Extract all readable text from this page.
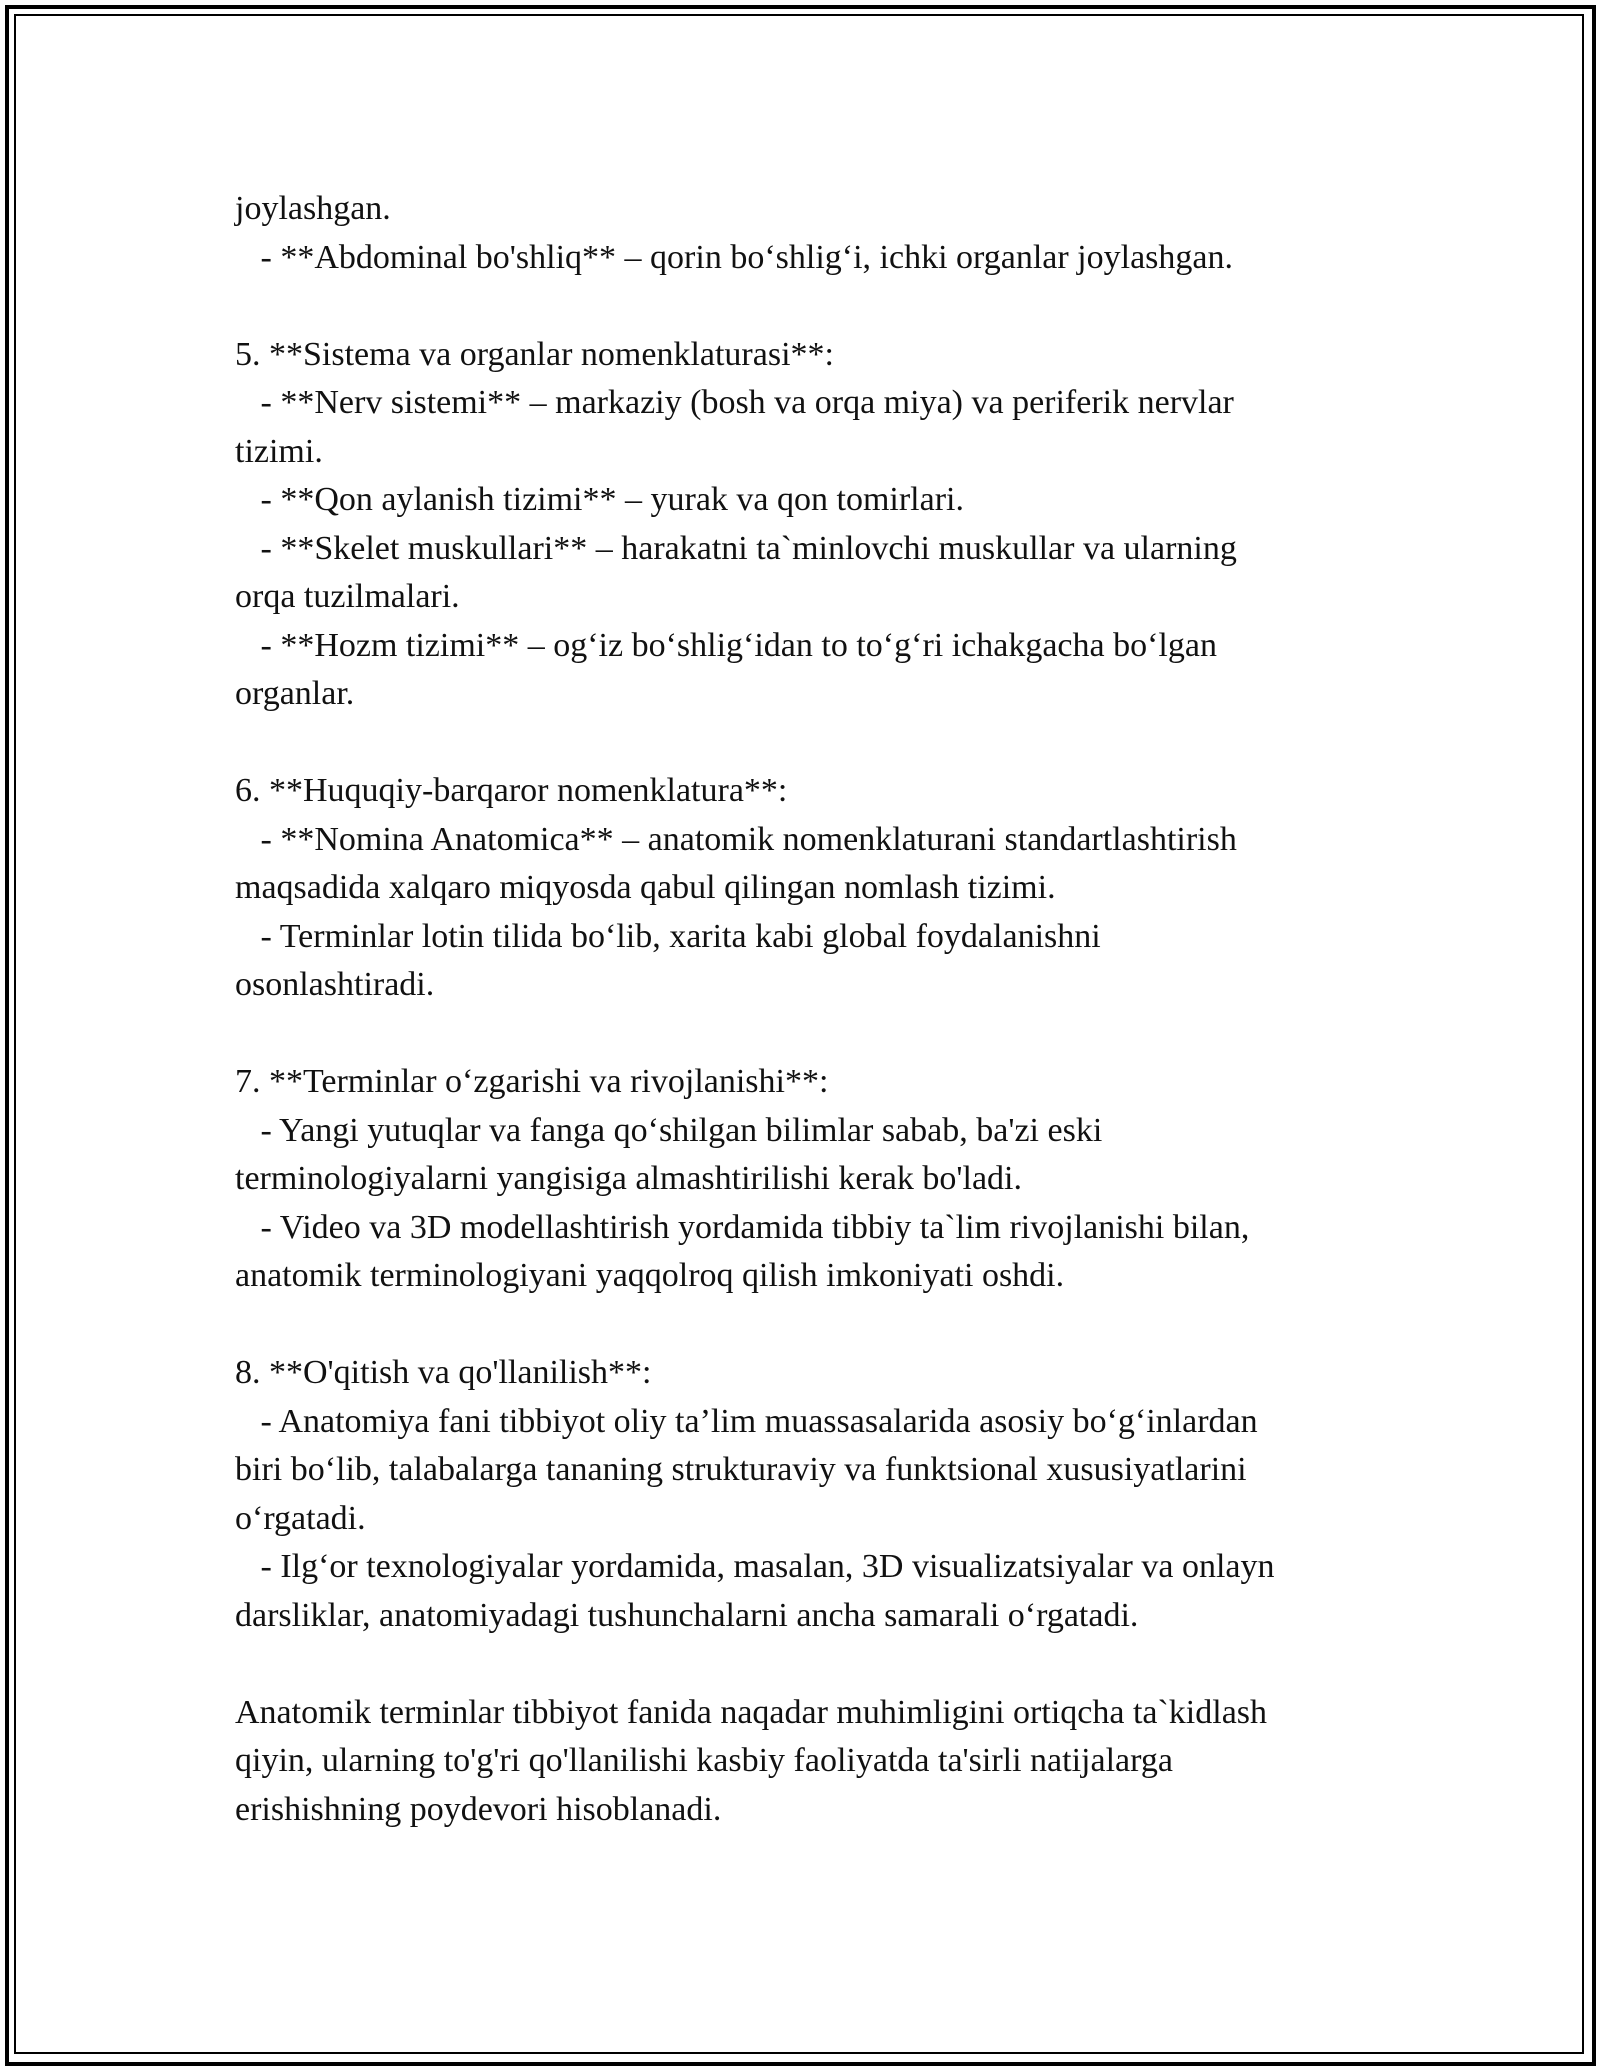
joylashgan.
- **Abdominal bo'shliq** – qorin bo‘shlig‘i, ichki organlar joylashgan.
5. **Sistema va organlar nomenklaturasi**:
- **Nerv sistemi** – markaziy (bosh va orqa miya) va periferik nervlar
tizimi.
- **Qon aylanish tizimi** – yurak va qon tomirlari.
- **Skelet muskullari** – harakatni ta`minlovchi muskullar va ularning
orqa tuzilmalari.
- **Hozm tizimi** – og‘iz bo‘shlig‘idan to to‘g‘ri ichakgacha bo‘lgan
organlar.
6. **Huquqiy-barqaror nomenklatura**:
- **Nomina Anatomica** – anatomik nomenklaturani standartlashtirish
maqsadida xalqaro miqyosda qabul qilingan nomlash tizimi.
- Terminlar lotin tilida bo‘lib, xarita kabi global foydalanishni
osonlashtiradi.
7. **Terminlar o‘zgarishi va rivojlanishi**:
- Yangi yutuqlar va fanga qo‘shilgan bilimlar sabab, ba'zi eski
terminologiyalarni yangisiga almashtirilishi kerak bo'ladi.
- Video va 3D modellashtirish yordamida tibbiy ta`lim rivojlanishi bilan,
anatomik terminologiyani yaqqolroq qilish imkoniyati oshdi.
8. **O'qitish va qo'llanilish**:
- Anatomiya fani tibbiyot oliy ta’lim muassasalarida asosiy bo‘g‘inlardan
biri bo‘lib, talabalarga tananing strukturaviy va funktsional xususiyatlarini
o‘rgatadi.
- Ilg‘or texnologiyalar yordamida, masalan, 3D visualizatsiyalar va onlayn
darsliklar, anatomiyadagi tushunchalarni ancha samarali o‘rgatadi.
Anatomik terminlar tibbiyot fanida naqadar muhimligini ortiqcha ta`kidlash
qiyin, ularning to'g'ri qo'llanilishi kasbiy faoliyatda ta'sirli natijalarga
erishishning poydevori hisoblanadi.
